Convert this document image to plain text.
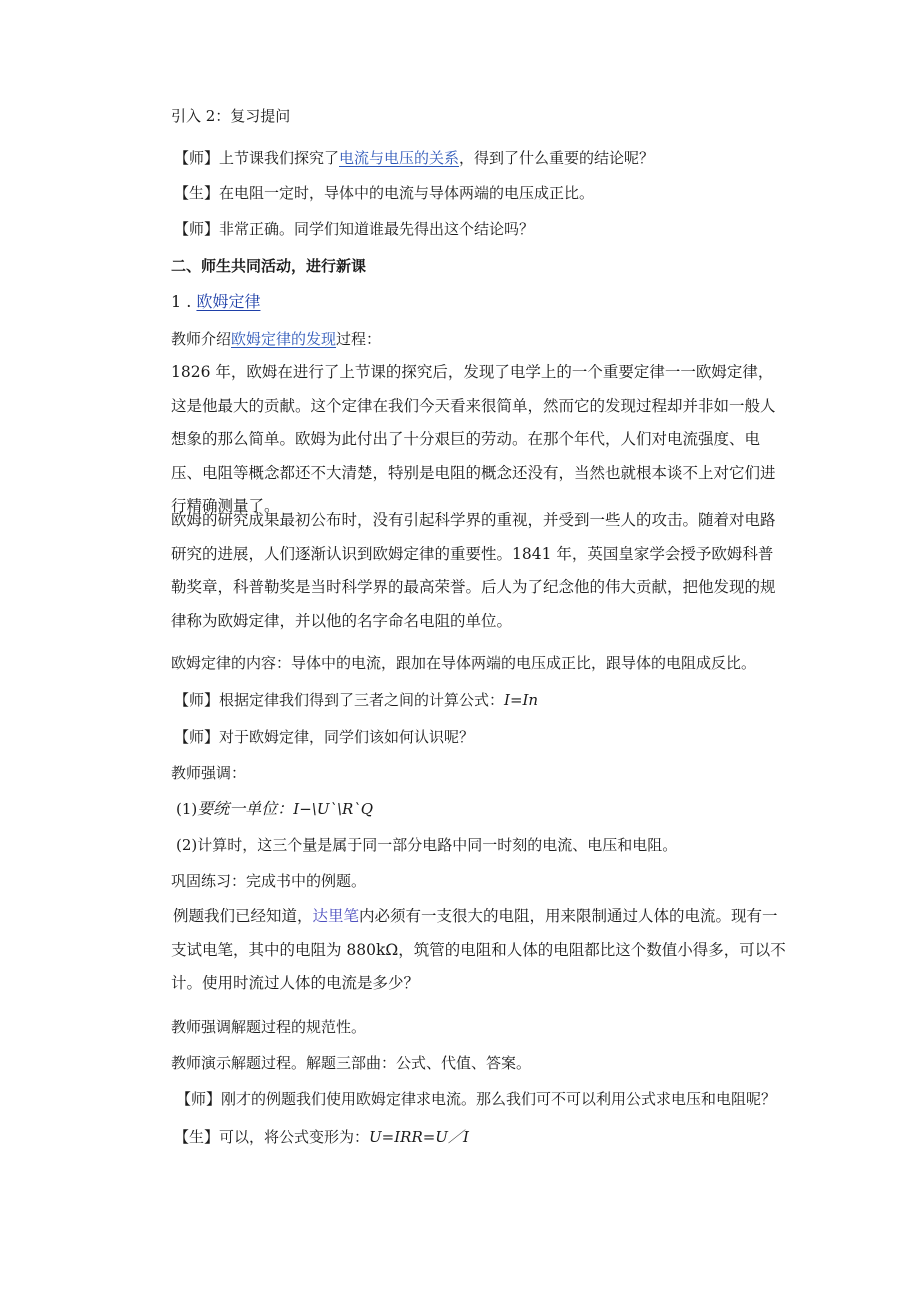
引入 2：复习提问
【师】上节课我们探究了电流与电压的关系，得到了什么重要的结论呢？
【生】在电阻一定时，导体中的电流与导体两端的电压成正比。
【师】非常正确。同学们知道谁最先得出这个结论吗？
二、师生共同活动，进行新课
1 . 欧姆定律
教师介绍欧姆定律的发现过程：
1826 年，欧姆在进行了上节课的探究后，发现了电学上的一个重要定律一一欧姆定律，这是他最大的贡献。这个定律在我们今天看来很简单，然而它的发现过程却并非如一般人想象的那么简单。欧姆为此付出了十分艰巨的劳动。在那个年代，人们对电流强度、电压、电阻等概念都还不大清楚，特别是电阻的概念还没有，当然也就根本谈不上对它们进行精确测量了。
欧姆的研究成果最初公布时，没有引起科学界的重视，并受到一些人的攻击。随着对电路研究的进展，人们逐渐认识到欧姆定律的重要性。1841 年，英国皇家学会授予欧姆科普勒奖章，科普勒奖是当时科学界的最高荣誉。后人为了纪念他的伟大贡献，把他发现的规律称为欧姆定律，并以他的名字命名电阻的单位。
欧姆定律的内容：导体中的电流，跟加在导体两端的电压成正比，跟导体的电阻成反比。
【师】根据定律我们得到了三者之间的计算公式：I=In
【师】对于欧姆定律，同学们该如何认识呢？
教师强调：
(1)要统一单位：I−\U`\R`Q
(2)计算时，这三个量是属于同一部分电路中同一时刻的电流、电压和电阻。
巩固练习：完成书中的例题。
例题我们已经知道，达里笔内必须有一支很大的电阻，用来限制通过人体的电流。现有一支试电笔，其中的电阻为 880kΩ，筑管的电阻和人体的电阻都比这个数值小得多，可以不计。使用时流过人体的电流是多少？
教师强调解题过程的规范性。
教师演示解题过程。解题三部曲：公式、代值、答案。
【师】刚才的例题我们使用欧姆定律求电流。那么我们可不可以利用公式求电压和电阻呢？
【生】可以，将公式变形为：U=IRR=U／I
